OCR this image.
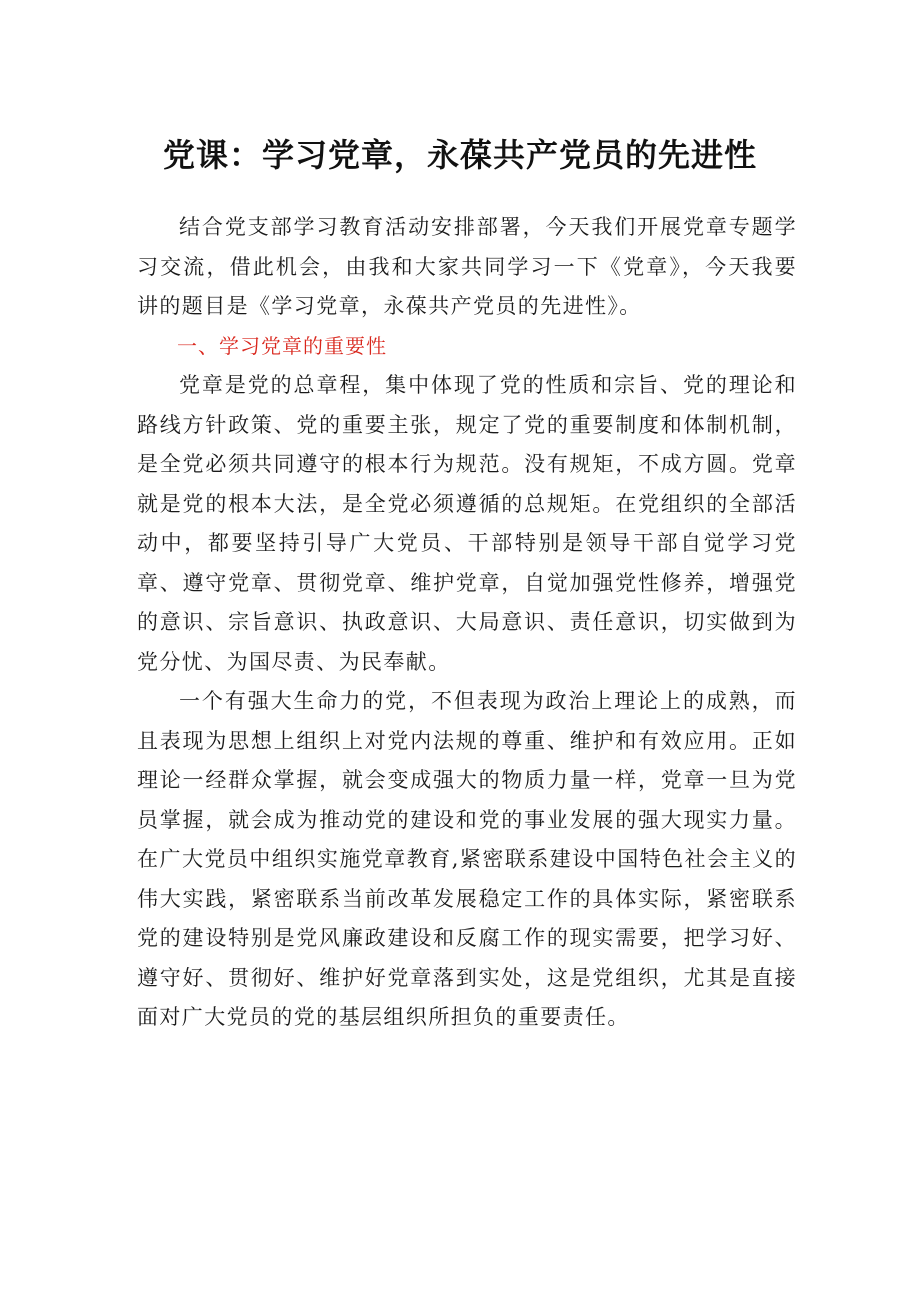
党课：学习党章，永葆共产党员的先进性

结合党支部学习教育活动安排部署，今天我们开展党章专题学习交流，借此机会，由我和大家共同学习一下《党章》，今天我要讲的题目是《学习党章，永葆共产党员的先进性》。

一、学习党章的重要性

党章是党的总章程，集中体现了党的性质和宗旨、党的理论和路线方针政策、党的重要主张，规定了党的重要制度和体制机制，是全党必须共同遵守的根本行为规范。没有规矩，不成方圆。党章就是党的根本大法，是全党必须遵循的总规矩。在党组织的全部活动中，都要坚持引导广大党员、干部特别是领导干部自觉学习党章、遵守党章、贯彻党章、维护党章，自觉加强党性修养，增强党的意识、宗旨意识、执政意识、大局意识、责任意识，切实做到为党分忧、为国尽责、为民奉献。

一个有强大生命力的党，不但表现为政治上理论上的成熟，而且表现为思想上组织上对党内法规的尊重、维护和有效应用。正如理论一经群众掌握，就会变成强大的物质力量一样，党章一旦为党员掌握，就会成为推动党的建设和党的事业发展的强大现实力量。在广大党员中组织实施党章教育,紧密联系建设中国特色社会主义的伟大实践，紧密联系当前改革发展稳定工作的具体实际，紧密联系党的建设特别是党风廉政建设和反腐工作的现实需要，把学习好、遵守好、贯彻好、维护好党章落到实处，这是党组织，尤其是直接面对广大党员的党的基层组织所担负的重要责任。
